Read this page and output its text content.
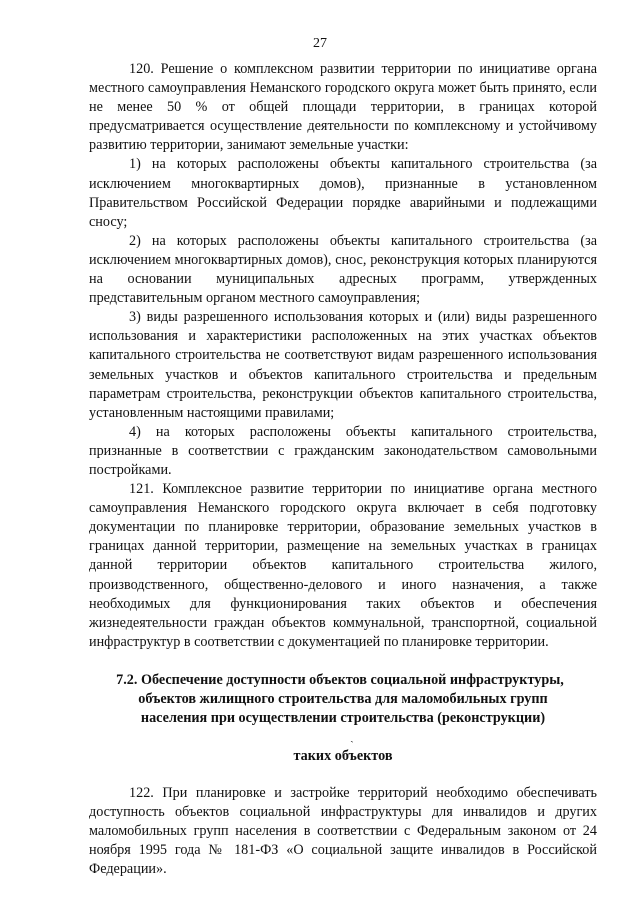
27

120. Решение о комплексном развитии территории по инициативе органа местного самоуправления Неманского городского округа может быть принято, если не менее 50 % от общей площади территории, в границах которой предусматривается осуществление деятельности по комплексному и устойчивому развитию территории, занимают земельные участки:

1) на которых расположены объекты капитального строительства (за исключением многоквартирных домов), признанные в установленном Правительством Российской Федерации порядке аварийными и подлежащими сносу;

2) на которых расположены объекты капитального строительства (за исключением многоквартирных домов), снос, реконструкция которых планируются на основании муниципальных адресных программ, утвержденных представительным органом местного самоуправления;

3) виды разрешенного использования которых и (или) виды разрешенного использования и характеристики расположенных на этих участках объектов капитального строительства не соответствуют видам разрешенного использования земельных участков и объектов капитального строительства и предельным параметрам строительства, реконструкции объектов капитального строительства, установленным настоящими правилами;

4) на которых расположены объекты капитального строительства, признанные в соответствии с гражданским законодательством самовольными постройками.

121. Комплексное развитие территории по инициативе органа местного самоуправления Неманского городского округа включает в себя подготовку документации по планировке территории, образование земельных участков в границах данной территории, размещение на земельных участках в границах данной территории объектов капитального строительства жилого, производственного, общественно-делового и иного назначения, а также необходимых для функционирования таких объектов и обеспечения жизнедеятельности граждан объектов коммунальной, транспортной, социальной инфраструктур в соответствии с документацией по планировке территории.

7.2. Обеспечение доступности объектов социальной инфраструктуры,
объектов жилищного строительства для маломобильных групп
населения при осуществлении строительства (реконструкции)
ˏ
таких объектов

122. При планировке и застройке территорий необходимо обеспечивать доступность объектов социальной инфраструктуры для инвалидов и других маломобильных групп населения в соответствии с Федеральным законом от 24 ноября 1995 года № 181-ФЗ «О социальной защите инвалидов в Российской Федерации».
